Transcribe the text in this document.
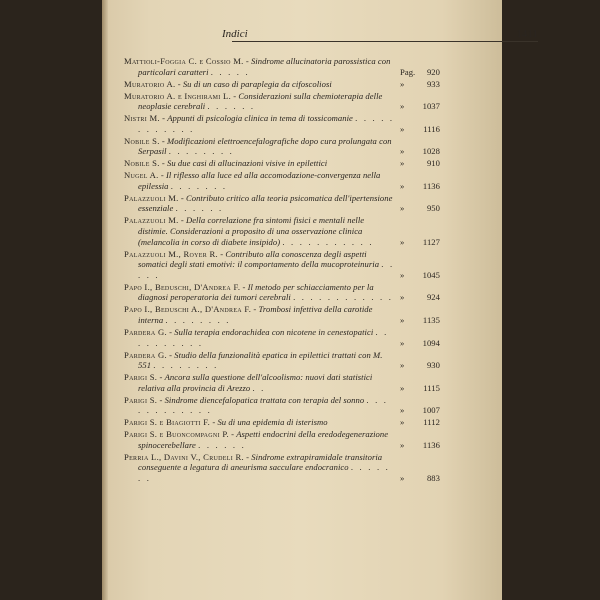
Indici	1411
Mattioli-Foggia C. e Cossio M. - Sindrome allucinatoria parossistica con particolari caratteri . . . . .	Pag. 920
Muratorio A. - Su di un caso di paraplegia da cifoscoliosi	»	933
Muratorio A. e Inghirami L. - Considerazioni sulla chemioterapia delle neoplasie cerebrali . . . . . .	» 1037
Nistri M. - Appunti di psicologia clinica in tema di tossicomanie . . . . . . . . . . . .	» 1116
Nobile S. - Modificazioni elettroencefalografiche dopo cura prolungata con Serpasil . . . . . . . .	» 1028
Nobile S. - Su due casi di allucinazioni visive in epilettici	»	910
Nugel A. - Il riflesso alla luce ed alla accomodazione-convergenza nella epilessia . . . . . . .	» 1136
Palazzuoli M. - Contributo critico alla teoria psicomatica dell'ipertensione essenziale . . . . . .	»	950
Palazzuoli M. - Della correlazione fra sintomi fisici e mentali nelle distimie. Considerazioni a proposito di una osservazione clinica (melancolia in corso di diabete insipido) . . . . . . . . . . .	» 1127
Palazzuoli M., Royer R. - Contributo alla conoscenza degli aspetti somatici degli stati emotivi: il comportamento della mucoproteinuria . . . . .	» 1045
Papo I., Beduschi, D'Andrea F. - Il metodo per schiacciamento per la diagnosi peroperatoria dei tumori cerebrali . . . . . . . . . . . . »	924
Papo I., Beduschi A., D'Andrea F. - Trombosi infettiva della carotide interna . . . . . . . .	» 1135
Pardera G. - Sulla terapia endorachidea con nicotene in cenestopatici . . . . . . . . . .	» 1094
Pardera G. - Studio della funzionalità epatica in epilettici trattati con M. 551 . . . . . . . .	»	930
Parigi S. - Ancora sulla questione dell'alcoolismo: nuovi dati statistici relativa alla provincia di Arezzo . .	» 1115
Parigi S. - Sindrome diencefalopatica trattata con terapia del sonno . . . . . . . . . . . .	» 1007
Parigi S. e Biagiotti F. - Su di una epidemia di isterismo	» 1112
Parigi S. e Buoncompagni P. - Aspetti endocrini della eredodegenerazione spinocerebellare . . . . . .	» 1136
Perria L., Davini V., Crudeli R. - Sindrome extrapiramidale transitoria conseguente a legatura di aneurisma sacculare endocranico . . . . . . .	»	883
